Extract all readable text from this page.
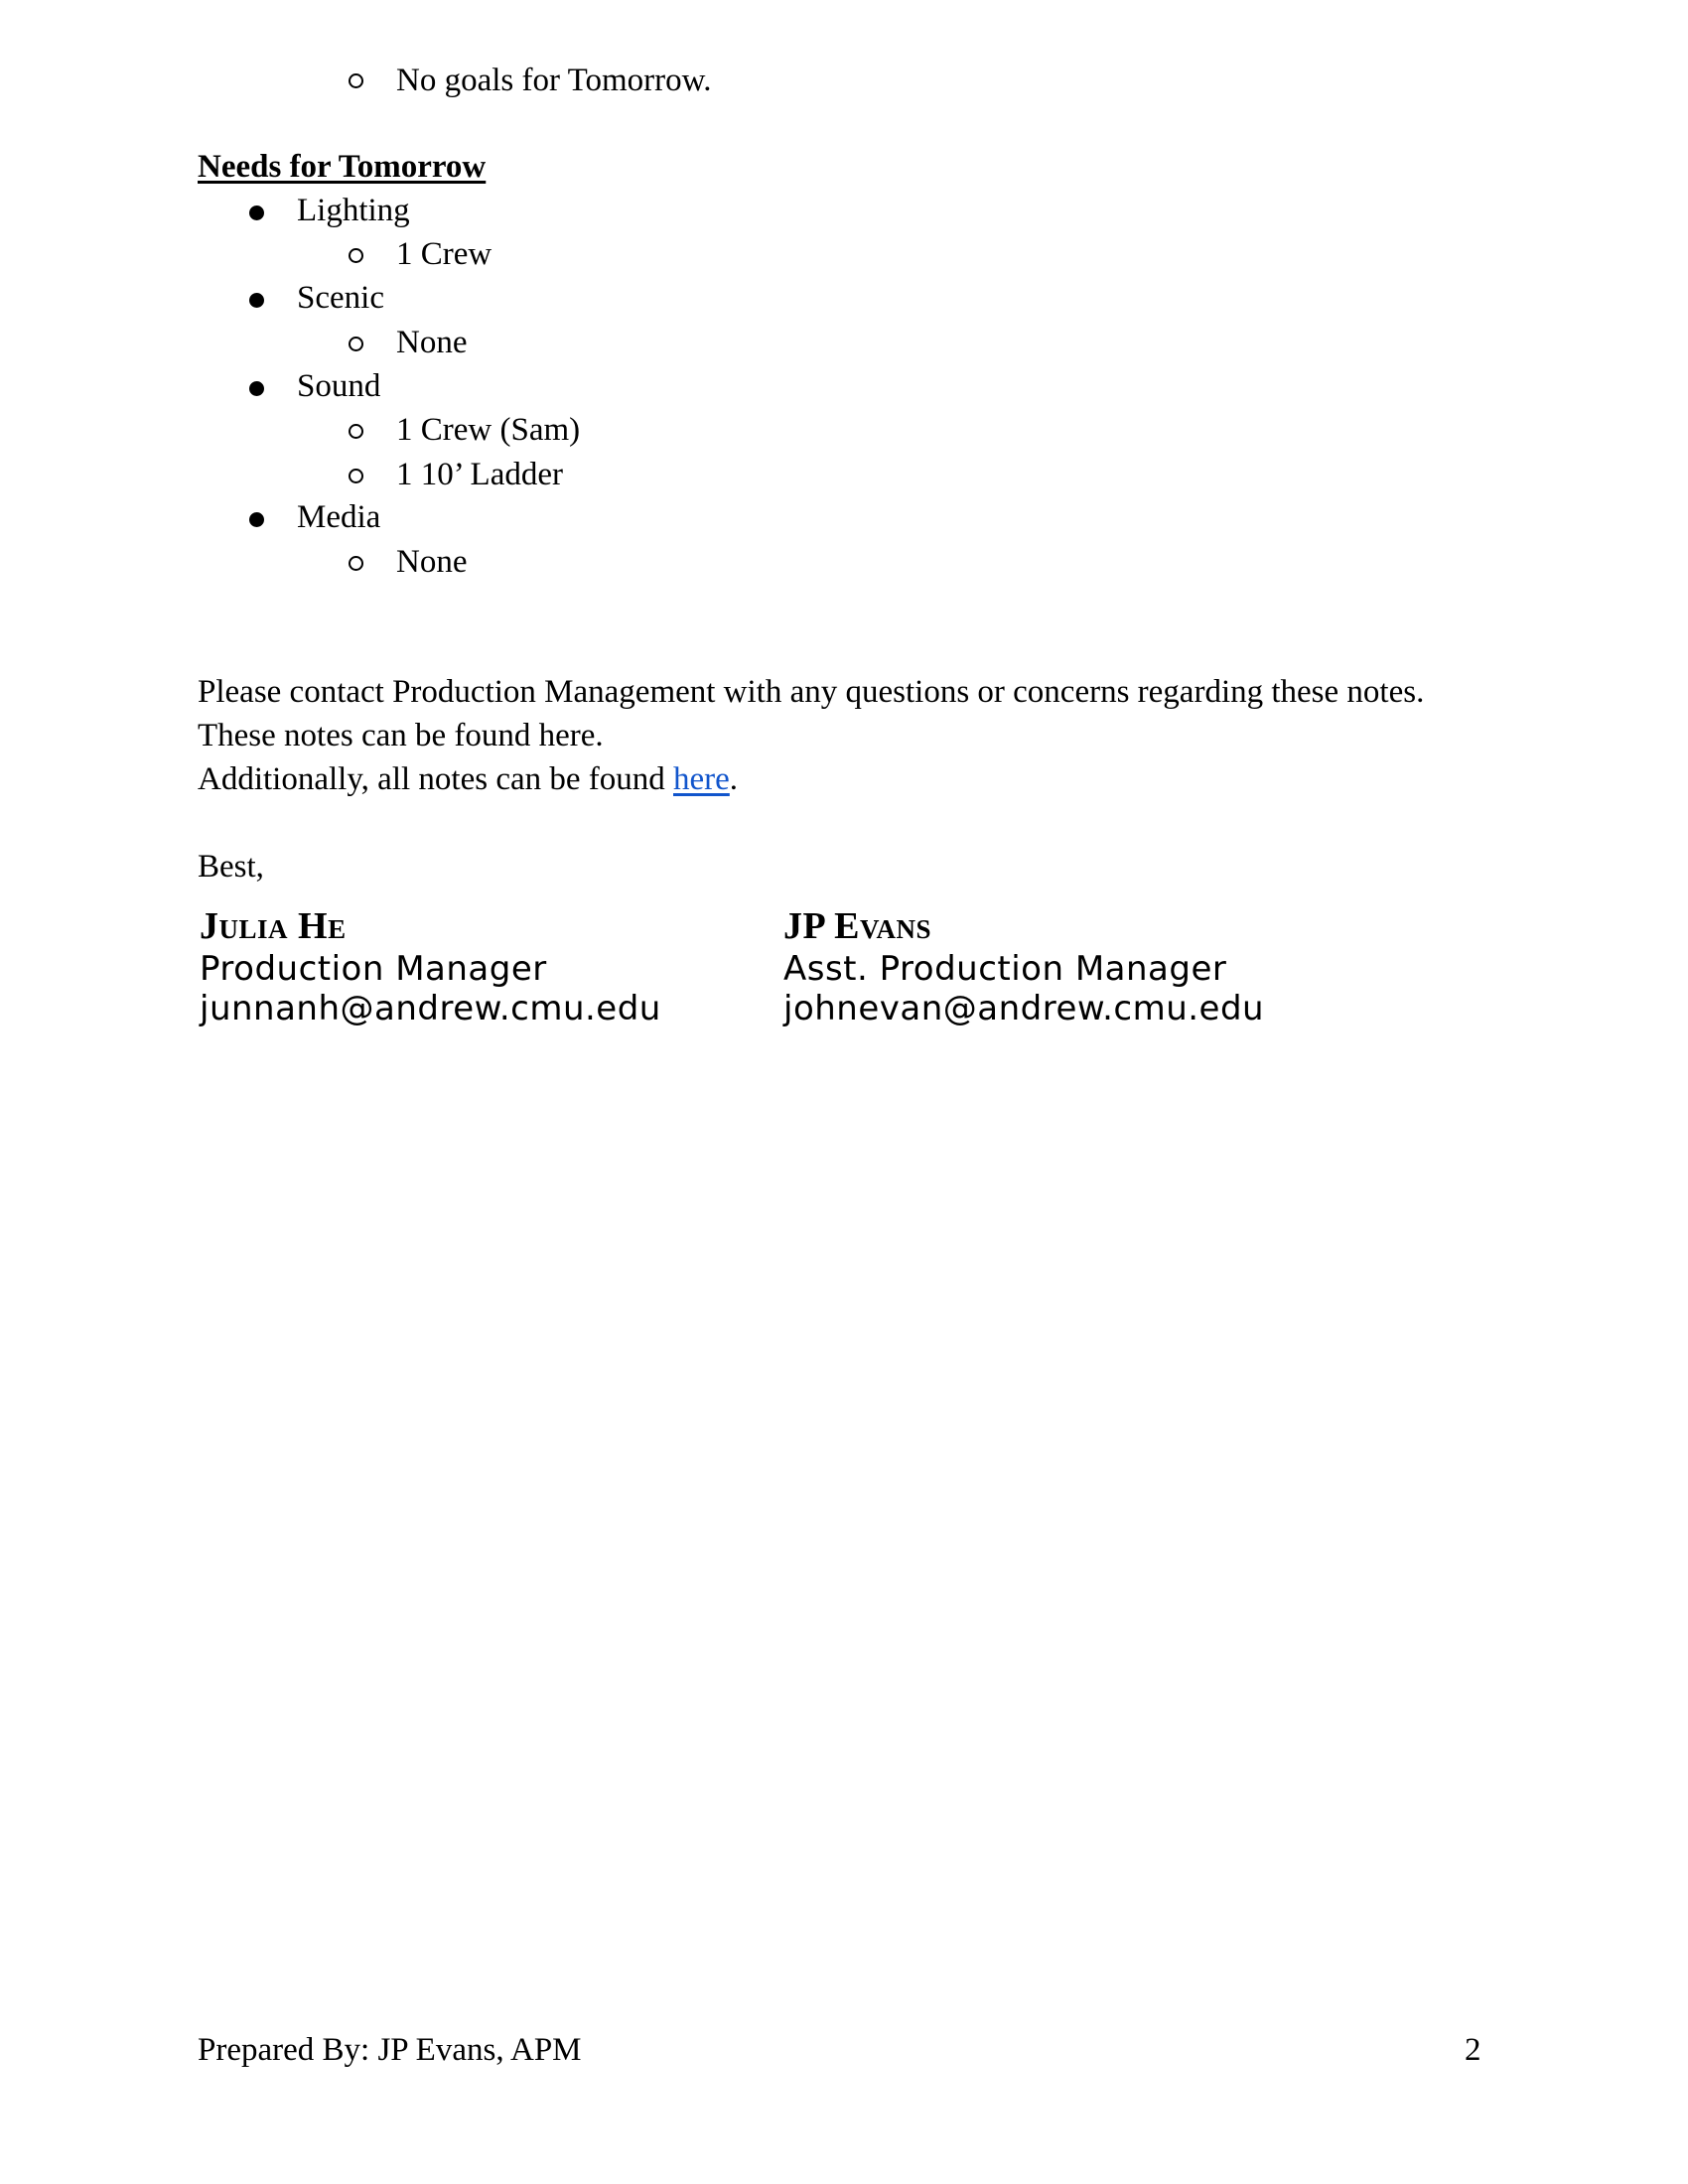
No goals for Tomorrow.
Needs for Tomorrow
Lighting
1 Crew
Scenic
None
Sound
1 Crew (Sam)
1 10’ Ladder
Media
None
Please contact Production Management with any questions or concerns regarding these notes.
These notes can be found here.
Additionally, all notes can be found here.
Best,
Julia He
Production Manager
junnanh@andrew.cmu.edu
JP Evans
Asst. Production Manager
johnevan@andrew.cmu.edu
Prepared By: JP Evans, APM	2
